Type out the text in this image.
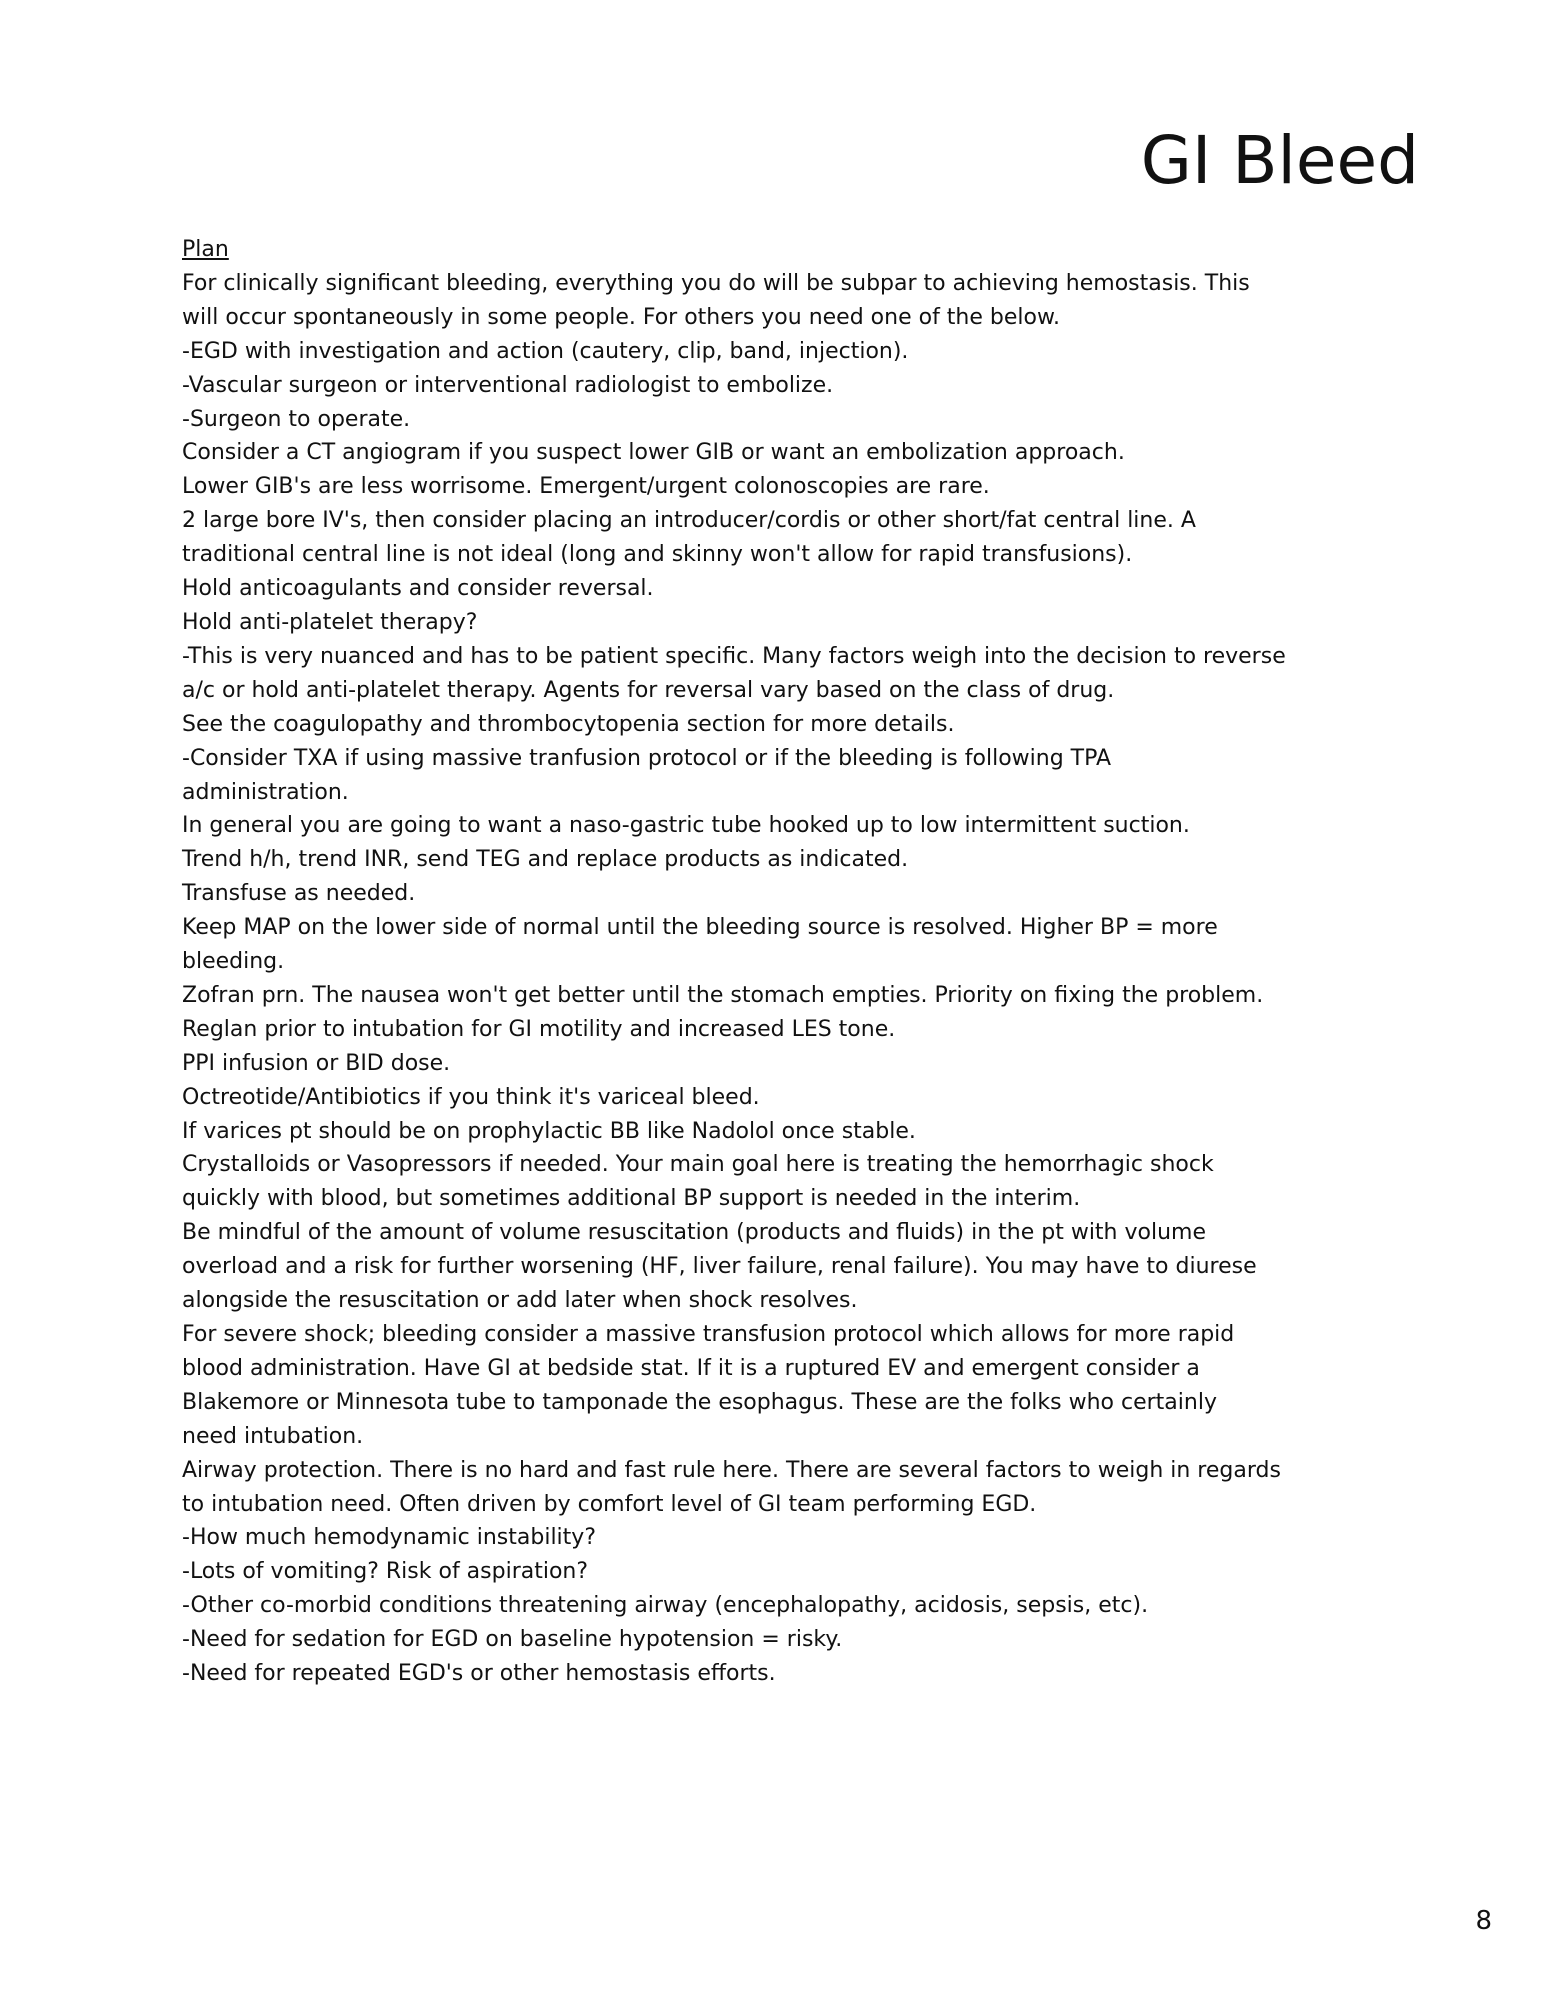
GI Bleed
Plan
For clinically significant bleeding, everything you do will be subpar to achieving hemostasis. This
will occur spontaneously in some people. For others you need one of the below.
-EGD with investigation and action (cautery, clip, band, injection).
-Vascular surgeon or interventional radiologist to embolize.
-Surgeon to operate.
Consider a CT angiogram if you suspect lower GIB or want an embolization approach.
Lower GIB's are less worrisome. Emergent/urgent colonoscopies are rare.
2 large bore IV's, then consider placing an introducer/cordis or other short/fat central line. A
traditional central line is not ideal (long and skinny won't allow for rapid transfusions).
Hold anticoagulants and consider reversal.
Hold anti-platelet therapy?
-This is very nuanced and has to be patient specific. Many factors weigh into the decision to reverse
a/c or hold anti-platelet therapy. Agents for reversal vary based on the class of drug.
See the coagulopathy and thrombocytopenia section for more details.
-Consider TXA if using massive tranfusion protocol or if the bleeding is following TPA
administration.
In general you are going to want a naso-gastric tube hooked up to low intermittent suction.
Trend h/h, trend INR, send TEG and replace products as indicated.
Transfuse as needed.
Keep MAP on the lower side of normal until the bleeding source is resolved. Higher BP = more
bleeding.
Zofran prn. The nausea won't get better until the stomach empties. Priority on fixing the problem.
Reglan prior to intubation for GI motility and increased LES tone.
PPI infusion or BID dose.
Octreotide/Antibiotics if you think it's variceal bleed.
If varices pt should be on prophylactic BB like Nadolol once stable.
Crystalloids or Vasopressors if needed. Your main goal here is treating the hemorrhagic shock
quickly with blood, but sometimes additional BP support is needed in the interim.
Be mindful of the amount of volume resuscitation (products and fluids) in the pt with volume
overload and a risk for further worsening (HF, liver failure, renal failure). You may have to diurese
alongside the resuscitation or add later when shock resolves.
For severe shock; bleeding consider a massive transfusion protocol which allows for more rapid
blood administration. Have GI at bedside stat. If it is a ruptured EV and emergent consider a
Blakemore or Minnesota tube to tamponade the esophagus. These are the folks who certainly
need intubation.
Airway protection. There is no hard and fast rule here. There are several factors to weigh in regards
to intubation need. Often driven by comfort level of GI team performing EGD.
-How much hemodynamic instability?
-Lots of vomiting? Risk of aspiration?
-Other co-morbid conditions threatening airway (encephalopathy, acidosis, sepsis, etc).
-Need for sedation for EGD on baseline hypotension = risky.
-Need for repeated EGD's or other hemostasis efforts.
8
